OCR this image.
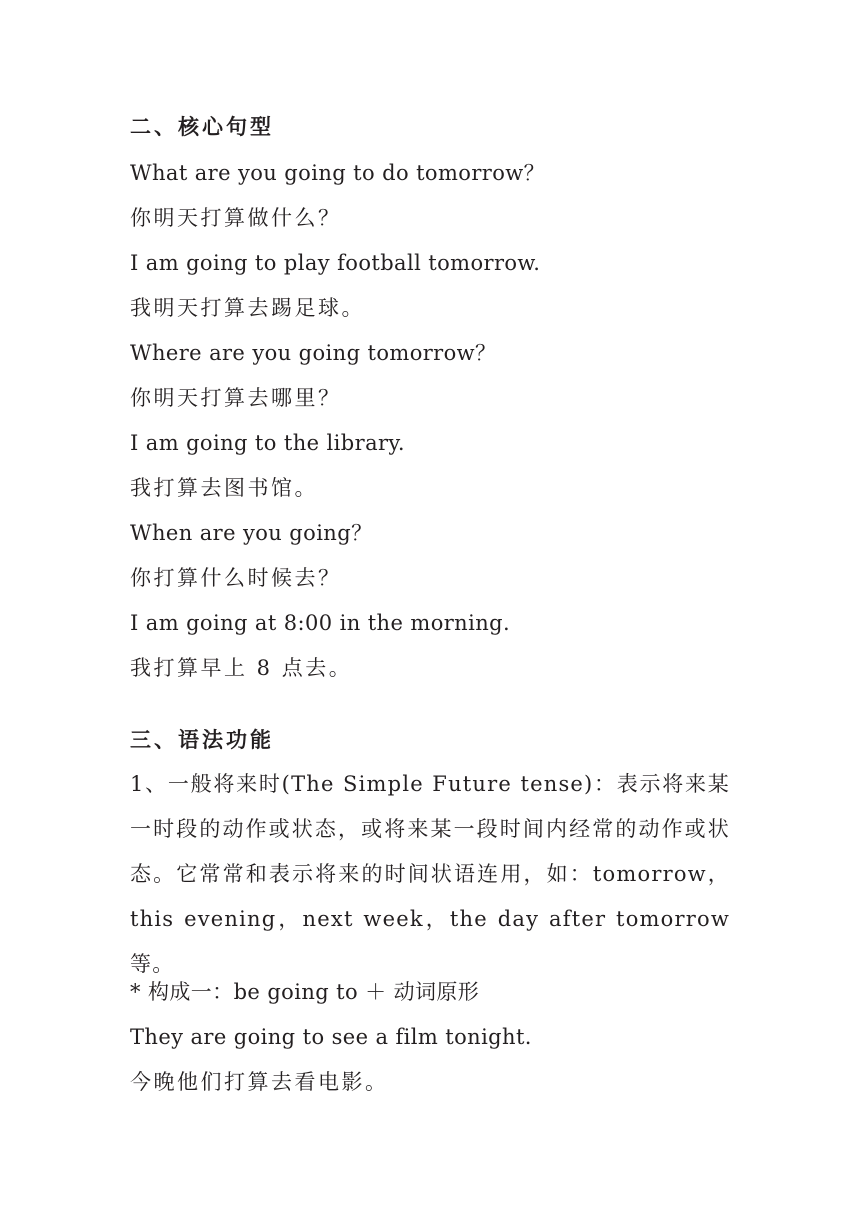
二、核心句型
What are you going to do tomorrow？
你明天打算做什么？
I am going to play football tomorrow.
我明天打算去踢足球。
Where are you going tomorrow？
你明天打算去哪里？
I am going to the library.
我打算去图书馆。
When are you going？
你打算什么时候去？
I am going at 8:00 in the morning.
我打算早上 8 点去。
三、语法功能
1、一般将来时(The Simple Future tense)：表示将来某一时段的动作或状态，或将来某一段时间内经常的动作或状态。它常常和表示将来的时间状语连用，如：tomorrow，this evening，next week，the day after tomorrow 等。
* 构成一：be going to ＋ 动词原形
They are going to see a film tonight.
今晚他们打算去看电影。
